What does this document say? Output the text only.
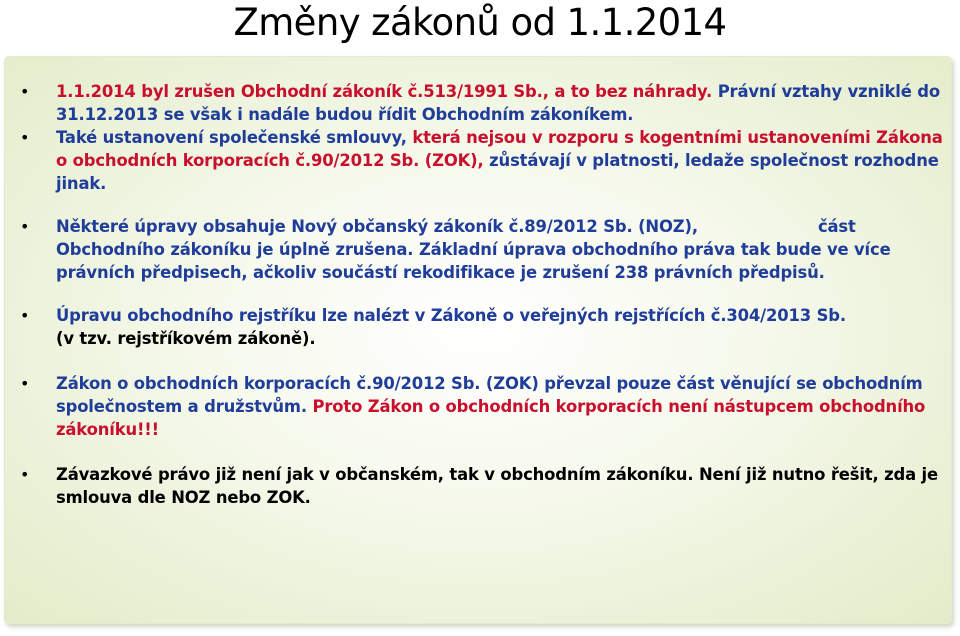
Změny zákonů od 1.1.2014
• 1.1.2014 byl zrušen Obchodní zákoník č.513/1991 Sb., a to bez náhrady. Právní vztahy vzniklé do 31.12.2013 se však i nadále budou řídit Obchodním zákoníkem.
• Také ustanovení společenské smlouvy, která nejsou v rozporu s kogentními ustanoveními Zákona o obchodních korporacích č.90/2012 Sb. (ZOK), zůstávají v platnosti, ledaže společnost rozhodne jinak.
• Některé úpravy obsahuje Nový občanský zákoník č.89/2012 Sb. (NOZ),	část
Obchodního zákoníku je úplně zrušena. Základní úprava obchodního práva tak bude ve více právních předpisech, ačkoliv součástí rekodifikace je zrušení 238 právních předpisů.
• Úpravu obchodního rejstříku lze nalézt v Zákoně o veřejných rejstřících č.304/2013 Sb.
(v tzv. rejstříkovém zákoně).
• Zákon o obchodních korporacích č.90/2012 Sb. (ZOK) převzal pouze část věnující se obchodním společnostem a družstvům. Proto Zákon o obchodních korporacích není nástupcem obchodního zákoníku!!!
• Závazkové právo již není jak v občanském, tak v obchodním zákoníku. Není již nutno řešit, zda je smlouva dle NOZ nebo ZOK.
